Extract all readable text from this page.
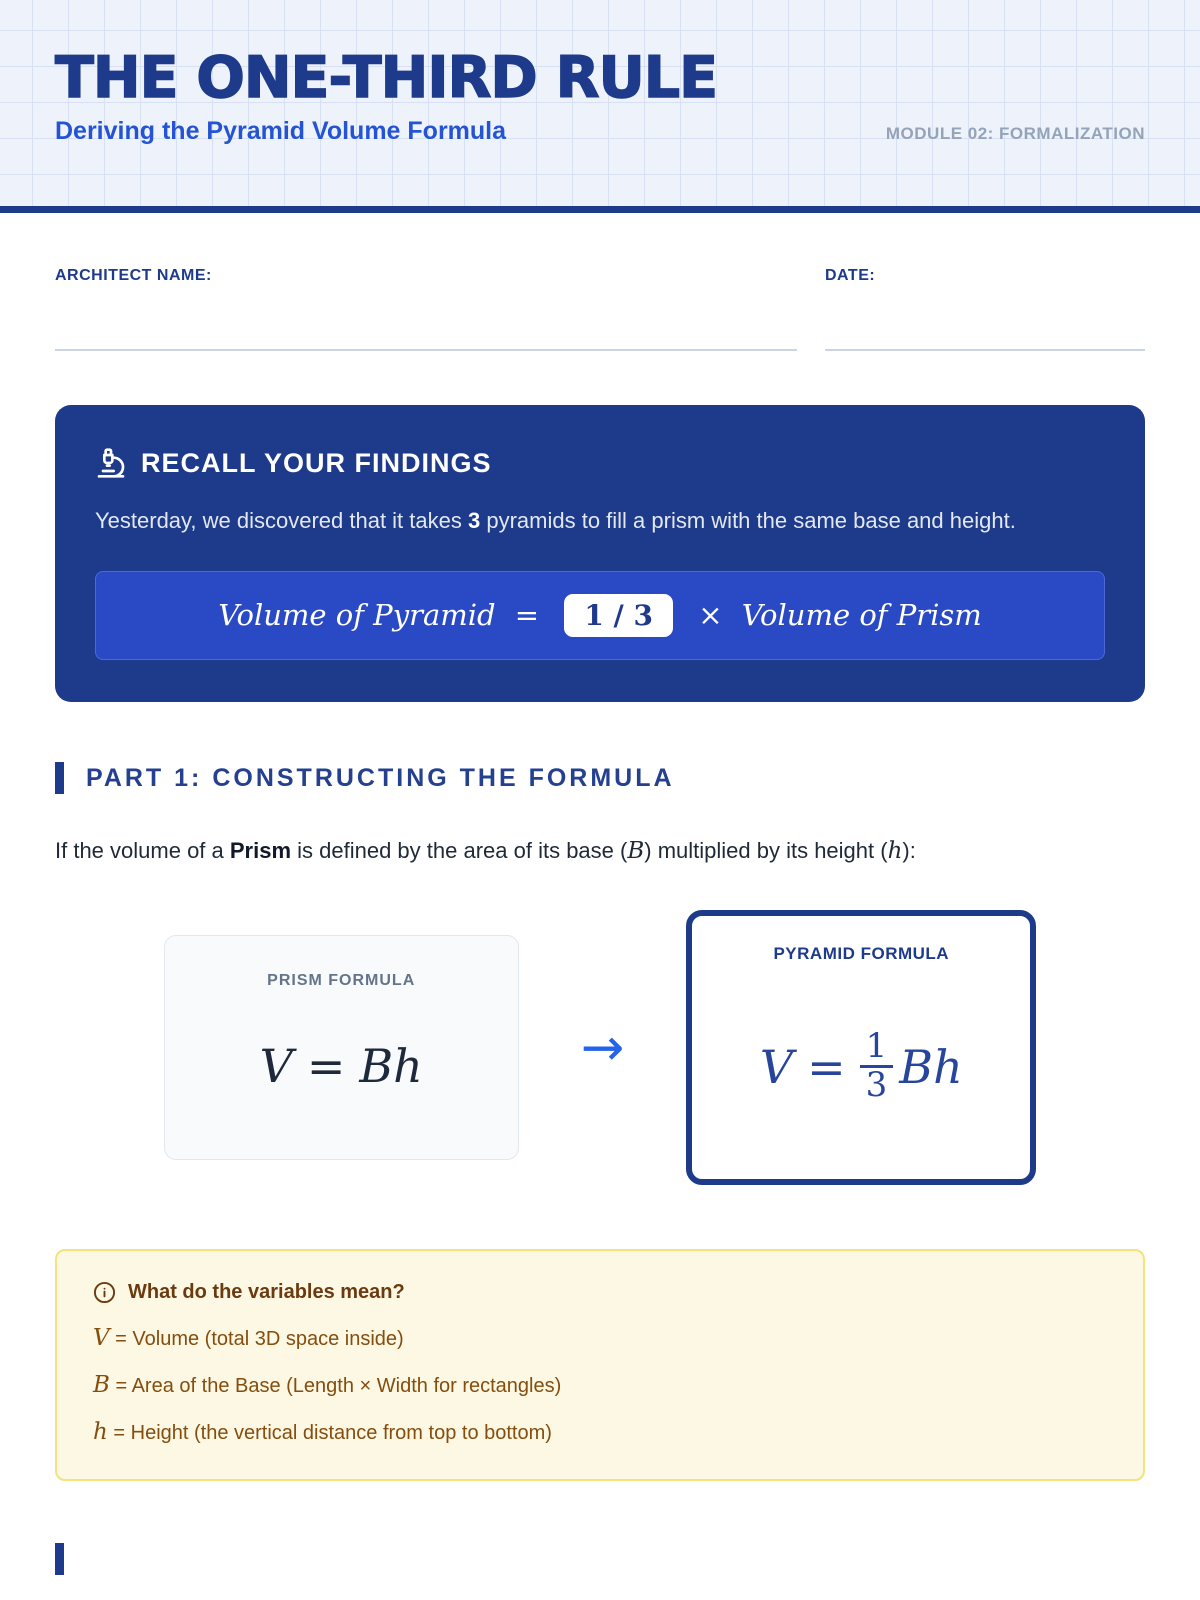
THE ONE-THIRD RULE
Deriving the Pyramid Volume Formula	MODULE 02: FORMALIZATION
ARCHITECT NAME:	DATE:
RECALL YOUR FINDINGS
Yesterday, we discovered that it takes 3 pyramids to fill a prism with the same base and height.
Volume of Pyramid = 1 / 3 × Volume of Prism
PART 1: CONSTRUCTING THE FORMULA

If the volume of a Prism is defined by the area of its base (B) multiplied by its height (h):

PRISM FORMULA
V = Bh	→
PYRAMID FORMULA
$V = \frac{1}{3}$ Bh
What do the variables mean?
V = Volume (total 3D space inside)
B = Area of the Base (Length × Width for rectangles)
h = Height (the vertical distance from top to bottom)
